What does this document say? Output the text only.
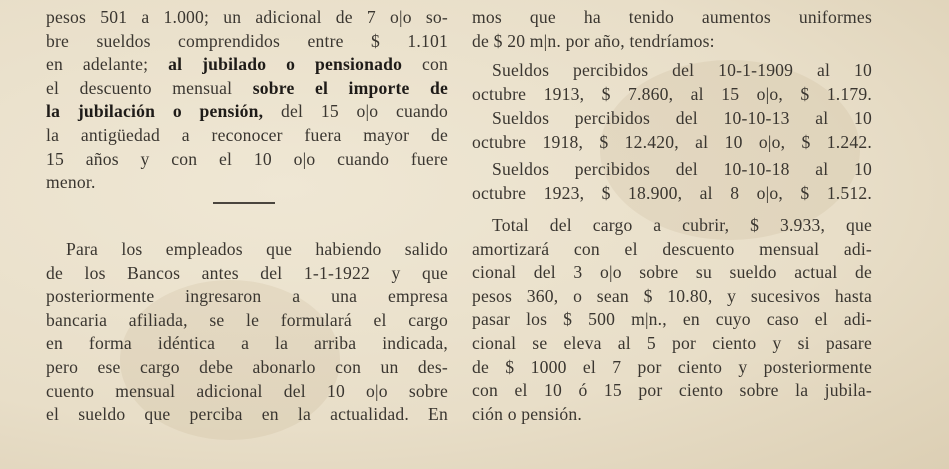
pesos 501 a 1.000; un adicional de 7 o|o so-
bre sueldos comprendidos entre $ 1.101
en adelante; al jubilado o pensionado con
el descuento mensual sobre el importe de
la jubilación o pensión, del 15 o|o cuando
la antigüedad a reconocer fuera mayor de
15 años y con el 10 o|o cuando fuere
menor.
Para los empleados que habiendo salido
de los Bancos antes del 1-1-1922 y que
posteriormente ingresaron a una empresa
bancaria afiliada, se le formulará el cargo
en forma idéntica a la arriba indicada,
pero ese cargo debe abonarlo con un des-
cuento mensual adicional del 10 o|o sobre
el sueldo que perciba en la actualidad. En
mos que ha tenido aumentos uniformes
de $ 20 m|n. por año, tendríamos:
Sueldos percibidos del 10-1-1909 al 10
octubre 1913, $ 7.860, al 15 o|o, $ 1.179.
Sueldos percibidos del 10-10-13 al 10
octubre 1918, $ 12.420, al 10 o|o, $ 1.242.
Sueldos percibidos del 10-10-18 al 10
octubre 1923, $ 18.900, al 8 o|o, $ 1.512.
Total del cargo a cubrir, $ 3.933, que
amortizará con el descuento mensual adi-
cional del 3 o|o sobre su sueldo actual de
pesos 360, o sean $ 10.80, y sucesivos hasta
pasar los $ 500 m|n., en cuyo caso el adi-
cional se eleva al 5 por ciento y si pasare
de $ 1000 el 7 por ciento y posteriormente
con el 10 ó 15 por ciento sobre la jubila-
ción o pensión.
